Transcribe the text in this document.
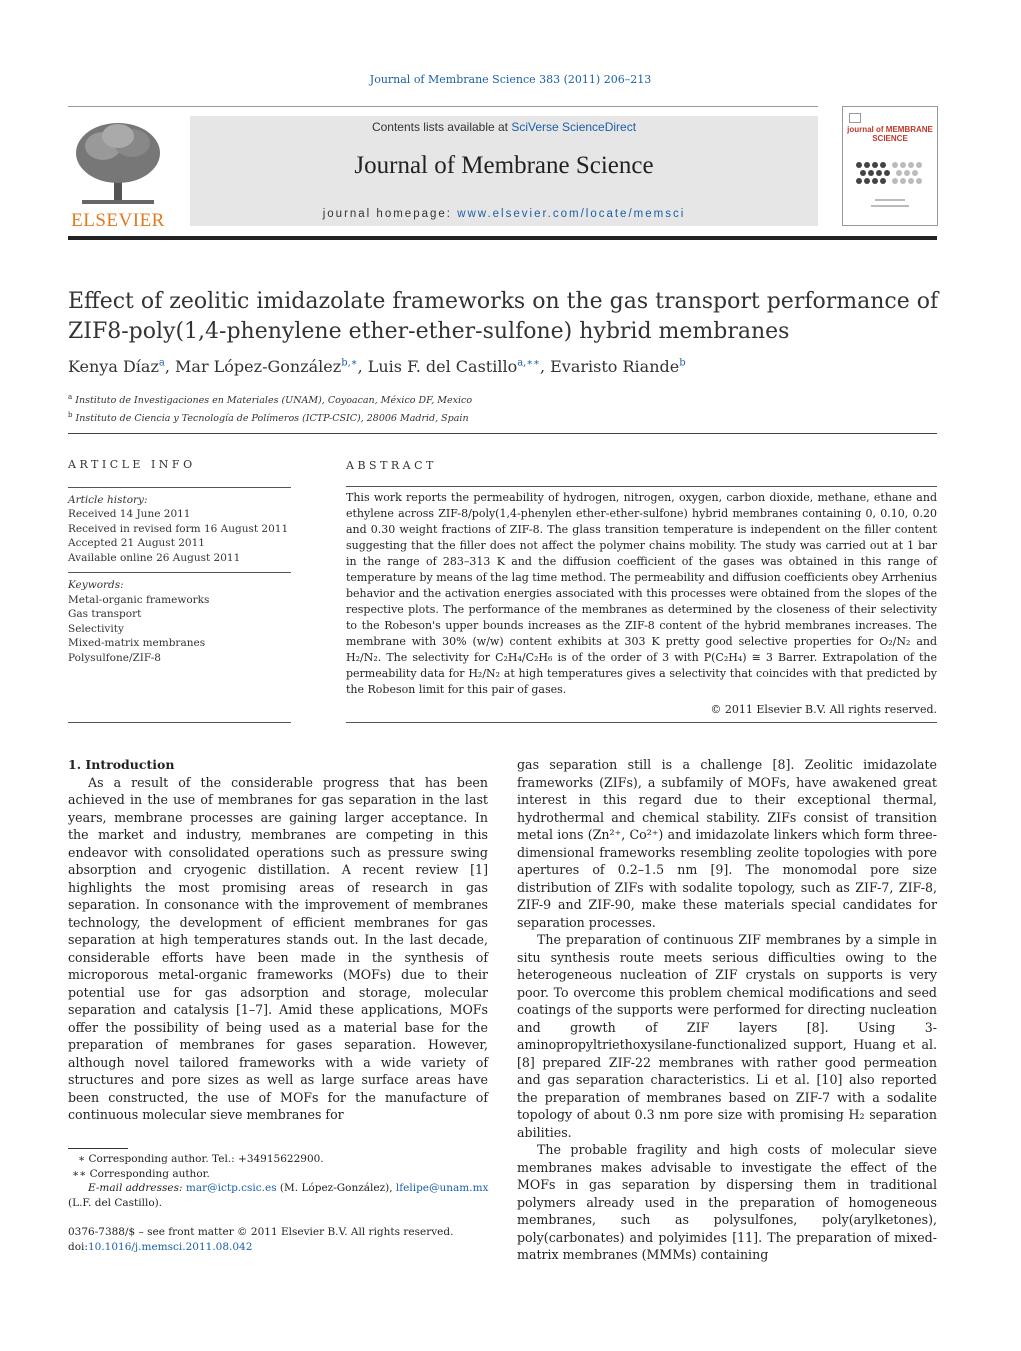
Journal of Membrane Science 383 (2011) 206–213
ELSEVIER
Contents lists available at SciVerse ScienceDirect
Journal of Membrane Science
journal homepage: www.elsevier.com/locate/memsci
journal of MEMBRANE SCIENCE
Effect of zeolitic imidazolate frameworks on the gas transport performance of
ZIF8-poly(1,4-phenylene ether-ether-sulfone) hybrid membranes
Kenya Díaz$^a$, Mar López-González$^{b,∗}$, Luis F. del Castillo$^{a,∗∗}$, Evaristo Riande$^b$
$^a$ Instituto de Investigaciones en Materiales (UNAM), Coyoacan, México DF, Mexico
$^b$ Instituto de Ciencia y Tecnología de Polímeros (ICTP-CSIC), 28006 Madrid, Spain
ARTICLE INFO
Article history:
Received 14 June 2011
Received in revised form 16 August 2011
Accepted 21 August 2011
Available online 26 August 2011
Keywords:
Metal-organic frameworks
Gas transport
Selectivity
Mixed-matrix membranes
Polysulfone/ZIF-8
ABSTRACT

This work reports the permeability of hydrogen, nitrogen, oxygen, carbon dioxide, methane, ethane and ethylene across ZIF-8/poly(1,4-phenylen ether-ether-sulfone) hybrid membranes containing 0, 0.10, 0.20 and 0.30 weight fractions of ZIF-8. The glass transition temperature is independent on the filler content suggesting that the filler does not affect the polymer chains mobility. The study was carried out at 1 bar in the range of 283–313 K and the diffusion coefficient of the gases was obtained in this range of temperature by means of the lag time method. The permeability and diffusion coefficients obey Arrhenius behavior and the activation energies associated with this processes were obtained from the slopes of the respective plots. The performance of the membranes as determined by the closeness of their selectivity to the Robeson's upper bounds increases as the ZIF-8 content of the hybrid membranes increases. The membrane with 30% (w/w) content exhibits at 303 K pretty good selective properties for O₂/N₂ and H₂/N₂. The selectivity for C₂H₄/C₂H₆ is of the order of 3 with P(C₂H₄) ≅ 3 Barrer. Extrapolation of the permeability data for H₂/N₂ at high temperatures gives a selectivity that coincides with that predicted by the Robeson limit for this pair of gases.

© 2011 Elsevier B.V. All rights reserved.

1. Introduction

As a result of the considerable progress that has been achieved in the use of membranes for gas separation in the last years, membrane processes are gaining larger acceptance. In the market and industry, membranes are competing in this endeavor with consolidated operations such as pressure swing absorption and cryogenic distillation. A recent review [1] highlights the most promising areas of research in gas separation. In consonance with the improvement of membranes technology, the development of efficient membranes for gas separation at high temperatures stands out. In the last decade, considerable efforts have been made in the synthesis of microporous metal-organic frameworks (MOFs) due to their potential use for gas adsorption and storage, molecular separation and catalysis [1–7]. Amid these applications, MOFs offer the possibility of being used as a material base for the preparation of membranes for gases separation. However, although novel tailored frameworks with a wide variety of structures and pore sizes as well as large surface areas have been constructed, the use of MOFs for the manufacture of continuous molecular sieve membranes for

gas separation still is a challenge [8]. Zeolitic imidazolate frameworks (ZIFs), a subfamily of MOFs, have awakened great interest in this regard due to their exceptional thermal, hydrothermal and chemical stability. ZIFs consist of transition metal ions (Zn²⁺, Co²⁺) and imidazolate linkers which form three-dimensional frameworks resembling zeolite topologies with pore apertures of 0.2–1.5 nm [9]. The monomodal pore size distribution of ZIFs with sodalite topology, such as ZIF-7, ZIF-8, ZIF-9 and ZIF-90, make these materials special candidates for separation processes.

The preparation of continuous ZIF membranes by a simple in situ synthesis route meets serious difficulties owing to the heterogeneous nucleation of ZIF crystals on supports is very poor. To overcome this problem chemical modifications and seed coatings of the supports were performed for directing nucleation and growth of ZIF layers [8]. Using 3-aminopropyltriethoxysilane-functionalized support, Huang et al. [8] prepared ZIF-22 membranes with rather good permeation and gas separation characteristics. Li et al. [10] also reported the preparation of membranes based on ZIF-7 with a sodalite topology of about 0.3 nm pore size with promising H₂ separation abilities.

The probable fragility and high costs of molecular sieve membranes makes advisable to investigate the effect of the MOFs in gas separation by dispersing them in traditional polymers already used in the preparation of homogeneous membranes, such as polysulfones, poly(arylketones), poly(carbonates) and polyimides [11]. The preparation of mixed-matrix membranes (MMMs) containing

∗ Corresponding author. Tel.: +34915622900.
∗∗ Corresponding author.
E-mail addresses: mar@ictp.csic.es (M. López-González), lfelipe@unam.mx
(L.F. del Castillo).
0376-7388/$ – see front matter © 2011 Elsevier B.V. All rights reserved.
doi:10.1016/j.memsci.2011.08.042
